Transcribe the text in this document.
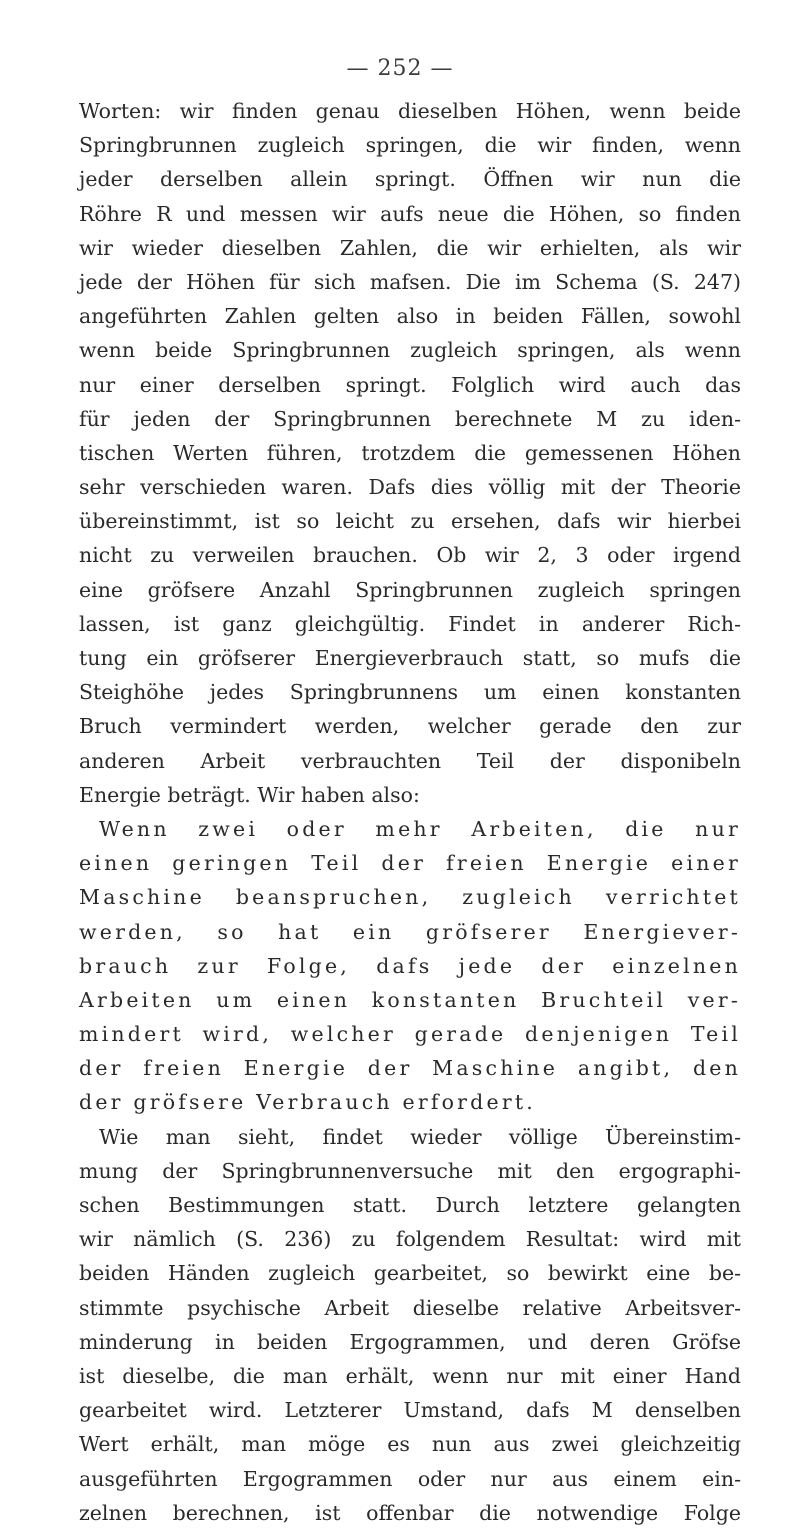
— 252 —
Worten: wir finden genau dieselben Höhen, wenn beide
Springbrunnen zugleich springen, die wir finden, wenn
jeder derselben allein springt. Öffnen wir nun die
Röhre R und messen wir aufs neue die Höhen, so finden
wir wieder dieselben Zahlen, die wir erhielten, als wir
jede der Höhen für sich mafsen. Die im Schema (S. 247)
angeführten Zahlen gelten also in beiden Fällen, sowohl
wenn beide Springbrunnen zugleich springen, als wenn
nur einer derselben springt. Folglich wird auch das
für jeden der Springbrunnen berechnete M zu iden-
tischen Werten führen, trotzdem die gemessenen Höhen
sehr verschieden waren. Dafs dies völlig mit der Theorie
übereinstimmt, ist so leicht zu ersehen, dafs wir hierbei
nicht zu verweilen brauchen. Ob wir 2, 3 oder irgend
eine gröfsere Anzahl Springbrunnen zugleich springen
lassen, ist ganz gleichgültig. Findet in anderer Rich-
tung ein gröfserer Energieverbrauch statt, so mufs die
Steighöhe jedes Springbrunnens um einen konstanten
Bruch vermindert werden, welcher gerade den zur
anderen Arbeit verbrauchten Teil der disponibeln
Energie beträgt. Wir haben also:
Wenn zwei oder mehr Arbeiten, die nur
einen geringen Teil der freien Energie einer
Maschine beanspruchen, zugleich verrichtet
werden, so hat ein gröfserer Energiever-
brauch zur Folge, dafs jede der einzelnen
Arbeiten um einen konstanten Bruchteil ver-
mindert wird, welcher gerade denjenigen Teil
der freien Energie der Maschine angibt, den
der gröfsere Verbrauch erfordert.
Wie man sieht, findet wieder völlige Übereinstim-
mung der Springbrunnenversuche mit den ergographi-
schen Bestimmungen statt. Durch letztere gelangten
wir nämlich (S. 236) zu folgendem Resultat: wird mit
beiden Händen zugleich gearbeitet, so bewirkt eine be-
stimmte psychische Arbeit dieselbe relative Arbeitsver-
minderung in beiden Ergogrammen, und deren Gröfse
ist dieselbe, die man erhält, wenn nur mit einer Hand
gearbeitet wird. Letzterer Umstand, dafs M denselben
Wert erhält, man möge es nun aus zwei gleichzeitig
ausgeführten Ergogrammen oder nur aus einem ein-
zelnen berechnen, ist offenbar die notwendige Folge
